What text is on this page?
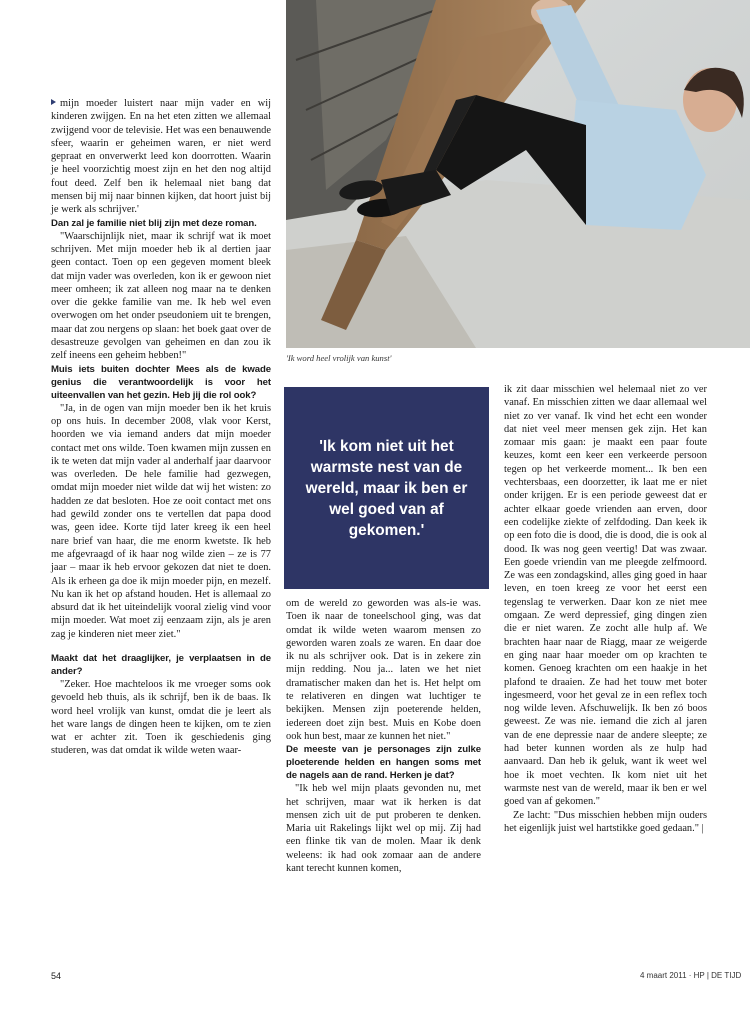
'Ik word heel vrolijk van kunst'

mijn moeder luistert naar mijn vader en wij kinderen zwijgen. En na het eten zitten we allemaal zwijgend voor de televisie. Het was een benauwende sfeer, waarin er geheimen waren, er niet werd gepraat en onverwerkt leed kon doorrotten. Waarin je heel voorzichtig moest zijn en het den nog altijd fout deed. Zelf ben ik helemaal niet bang dat mensen bij mij naar binnen kijken, dat hoort juist bij je werk als schrijver.'

Dan zal je familie niet blij zijn met deze roman.

"Waarschijnlijk niet, maar ik schrijf wat ik moet schrijven. Met mijn moeder heb ik al dertien jaar geen contact. Toen op een gegeven moment bleek dat mijn vader was overleden, kon ik er gewoon niet meer omheen; ik zat alleen nog maar na te denken over die gekke familie van me. Ik heb wel even overwogen om het onder pseudoniem uit te brengen, maar dat zou nergens op slaan: het boek gaat over de desastreuze gevolgen van geheimen en dan zou ik zelf ineens een geheim hebben!"

Muis iets buiten dochter Mees als de kwade genius die verantwoordelijk is voor het uiteenvallen van het gezin. Heb jij die rol ook?

"Ja, in de ogen van mijn moeder ben ik het kruis op ons huis. In december 2008, vlak voor Kerst, hoorden we via iemand anders dat mijn moeder contact met ons wilde. Toen kwamen mijn zussen en ik te weten dat mijn vader al anderhalf jaar daarvoor was overleden. De hele familie had gezwegen, omdat mijn moeder niet wilde dat wij het wisten: zo hadden ze dat besloten. Hoe ze ooit contact met ons had gewild zonder ons te vertellen dat papa dood was, geen idee. Korte tijd later kreeg ik een heel nare brief van haar, die me enorm kwetste. Ik heb me afgevraagd of ik haar nog wilde zien – ze is 77 jaar – maar ik heb ervoor gekozen dat niet te doen. Als ik erheen ga doe ik mijn moeder pijn, en mezelf. Nu kan ik het op afstand houden. Het is allemaal zo absurd dat ik het uiteindelijk vooral zielig vind voor mijn moeder. Wat moet zij eenzaam zijn, als je aren zag je kinderen niet meer ziet."

Maakt dat het draaglijker, je verplaatsen in de ander?

"Zeker. Hoe machteloos ik me vroeger soms ook gevoeld heb thuis, als ik schrijf, ben ik de baas. Ik word heel vrolijk van kunst, omdat die je leert als het ware langs de dingen heen te kijken, om te zien wat er achter zit. Toen ik geschiedenis ging studeren, was dat omdat ik wilde weten waar-

'Ik kom niet uit het warmste nest van de wereld, maar ik ben er wel goed van af gekomen.'

om de wereld zo geworden was als-ie was. Toen ik naar de toneelschool ging, was dat omdat ik wilde weten waarom mensen zo geworden waren zoals ze waren. En daar doe ik nu als schrijver ook. Dat is in zekere zin mijn redding. Nou ja... laten we het niet dramatischer maken dan het is. Het helpt om te relativeren en dingen wat luchtiger te bekijken. Mensen zijn poeterende helden, iedereen doet zijn best. Muis en Kobe doen ook hun best, maar ze kunnen het niet."

De meeste van je personages zijn zulke ploeterende helden en hangen soms met de nagels aan de rand. Herken je dat?

"Ik heb wel mijn plaats gevonden nu, met het schrijven, maar wat ik herken is dat mensen zich uit de put proberen te denken. Maria uit Rakelings lijkt wel op mij. Zij had een flinke tik van de molen. Maar ik denk weleens: ik had ook zomaar aan de andere kant terecht kunnen komen,

ik zit daar misschien wel helemaal niet zo ver vanaf. En misschien zitten we daar allemaal wel niet zo ver vanaf. Ik vind het echt een wonder dat niet veel meer mensen gek zijn. Het kan zomaar mis gaan: je maakt een paar foute keuzes, komt een keer een verkeerde persoon tegen op het verkeerde moment... Ik ben een vechtersbaas, een doorzetter, ik laat me er niet onder krijgen. Er is een periode geweest dat er achter elkaar goede vrienden aan erven, door een codelijke ziekte of zelfdoding. Dan keek ik op een foto die is dood, die is dood, die is ook al dood. Ik was nog geen veertig! Dat was zwaar. Een goede vriendin van me pleegde zelfmoord. Ze was een zondagskind, alles ging goed in haar leven, en toen kreeg ze voor het eerst een tegenslag te verwerken. Daar kon ze niet mee omgaan. Ze werd depressief, ging dingen zien die er niet waren. Ze zocht alle hulp af. We brachten haar naar de Riagg, maar ze weigerde en ging naar haar moeder om op krachten te komen. Genoeg krachten om een haakje in het plafond te draaien. Ze had het touw met boter ingesmeerd, voor het geval ze in een reflex toch nog wilde leven. Afschuwelijk. Ik ben zó boos geweest. Ze was nie. iemand die zich al jaren van de ene depressie naar de andere sleepte; ze had beter kunnen worden als ze hulp had aanvaard. Dan heb ik geluk, want ik weet wel hoe ik moet vechten. Ik kom niet uit het warmste nest van de wereld, maar ik ben er wel goed van af gekomen."

Ze lacht: "Dus misschien hebben mijn ouders het eigenlijk juist wel hartstikke goed gedaan." |

54	4 maart 2011 · HP | DE TIJD
